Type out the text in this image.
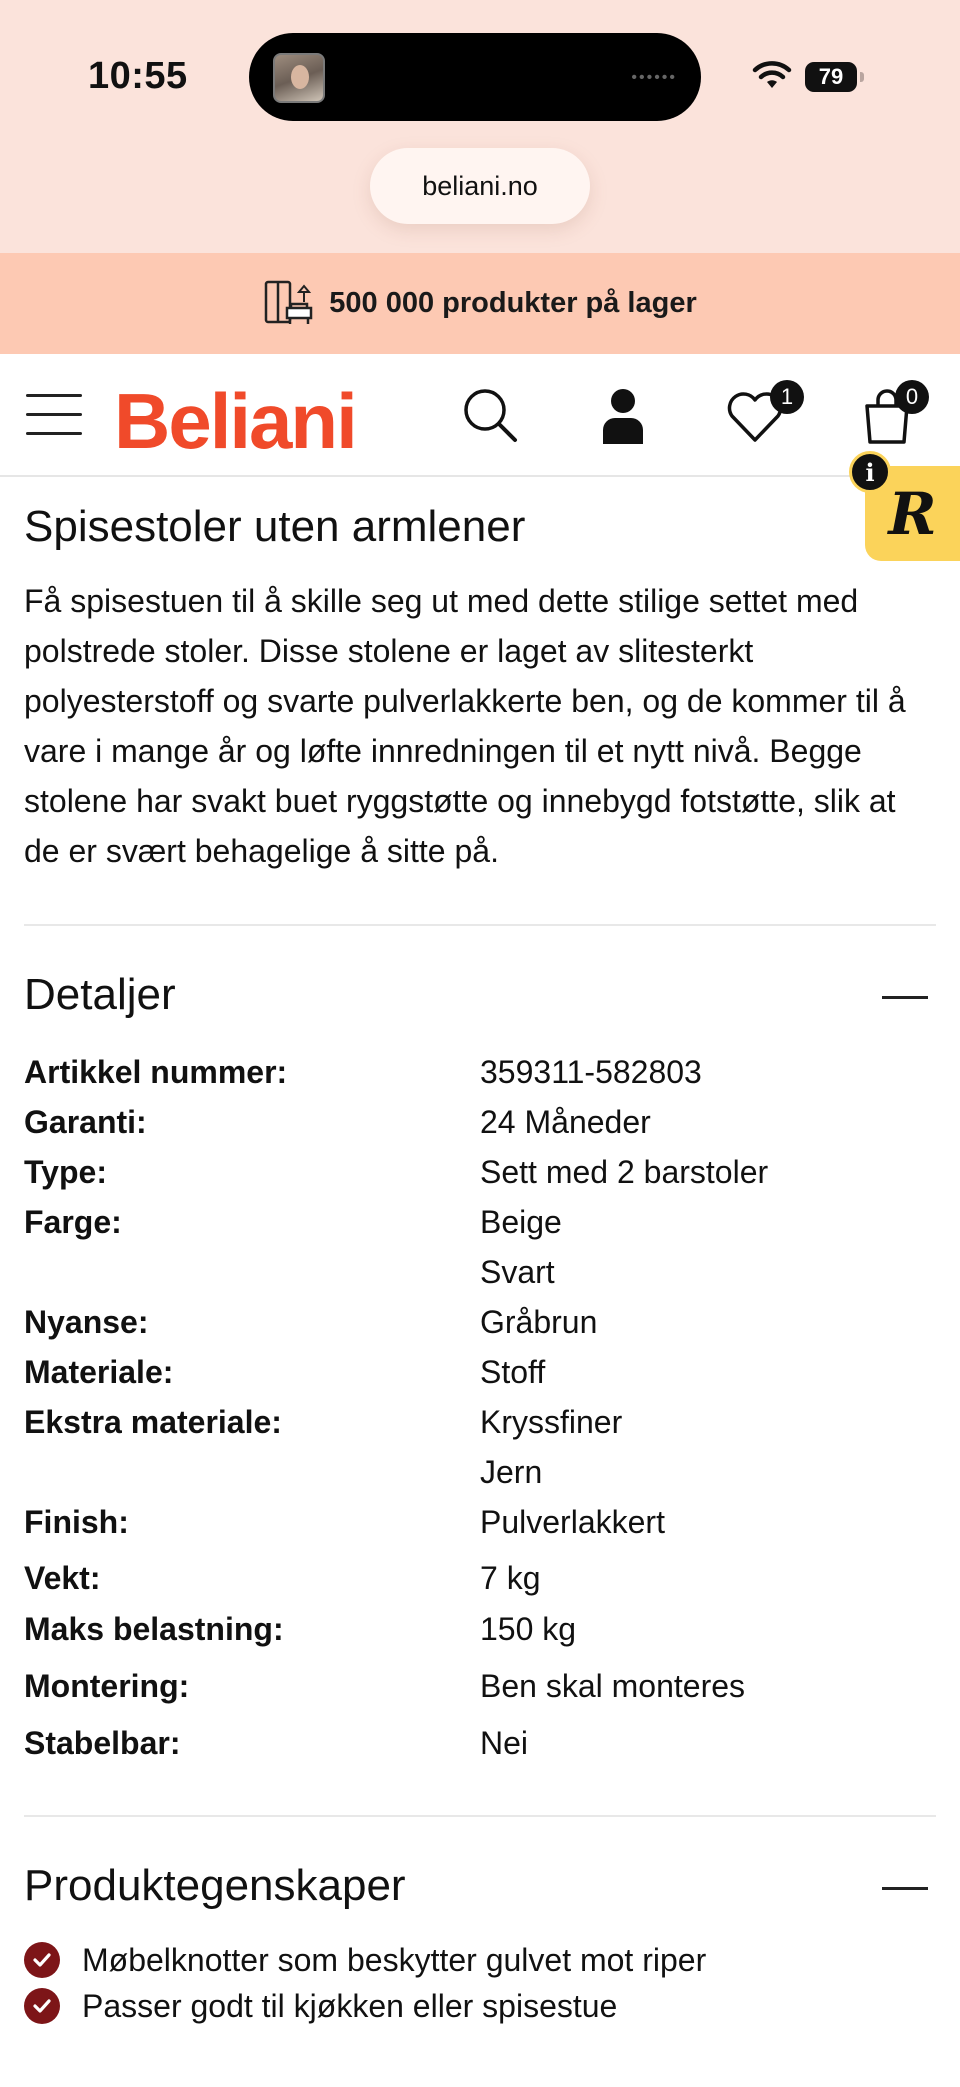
10:55	••••••	79
beliani.no
500 000 produkter på lager
Beliani	1	0
R
i
Spisestoler uten armlener

Få spisestuen til å skille seg ut med dette stilige settet med polstrede stoler. Disse stolene er laget av slitesterkt polyesterstoff og svarte pulverlakkerte ben, og de kommer til å vare i mange år og løfte innredningen til et nytt nivå. Begge stolene har svakt buet ryggstøtte og innebygd fotstøtte, slik at de er svært behagelige å sitte på.

Detaljer
Artikkel nummer:	359311-582803
Garanti:	24 Måneder
Type:	Sett med 2 barstoler
Farge:	Beige
Svart
Nyanse:	Gråbrun
Materiale:	Stoff
Ekstra materiale:	Kryssfiner
Jern
Finish:	Pulverlakkert
Vekt:	7 kg
Maks belastning:	150 kg
Montering:	Ben skal monteres
Stabelbar:	Nei
Produktegenskaper
Møbelknotter som beskytter gulvet mot riper
Passer godt til kjøkken eller spisestue
